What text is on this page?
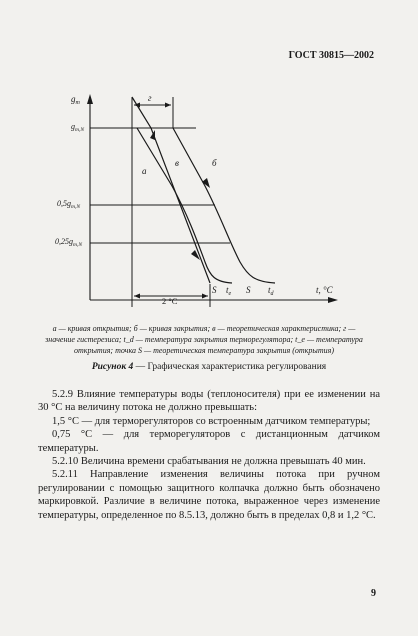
ГОСТ 30815—2002
$g_m$
$g_{m,N}$
$0,5g_{m,N}$
$0,25g_{m,N}$
г
а
в	б
S $t_e$ S $t_d$	t, °C
2 °C
а — кривая открытия; б — кривая закрытия; в — теоретическая характеристика; г —
значение гистерезиса; t_d — температура закрытия терморегулятора; t_e — температура
открытия; точка S — теоретическая температура закрытия (открытия)
Рисунок 4 — Графическая характеристика регулирования

5.2.9 Влияние температуры воды (теплоносителя) при ее изменении на 30 °С на величину потока не должно превышать:

1,5 °С — для терморегуляторов со встроенным датчиком температуры;

0,75 °С — для терморегуляторов с дистанционным датчиком температуры.

5.2.10 Величина времени срабатывания не должна превышать 40 мин.

5.2.11 Направление изменения величины потока при ручном регулировании с помощью защитного колпачка должно быть обозначено маркировкой. Различие в величине потока, выраженное через изменение температуры, определенное по 8.5.13, должно быть в пределах 0,8 и 1,2 °С.

9
